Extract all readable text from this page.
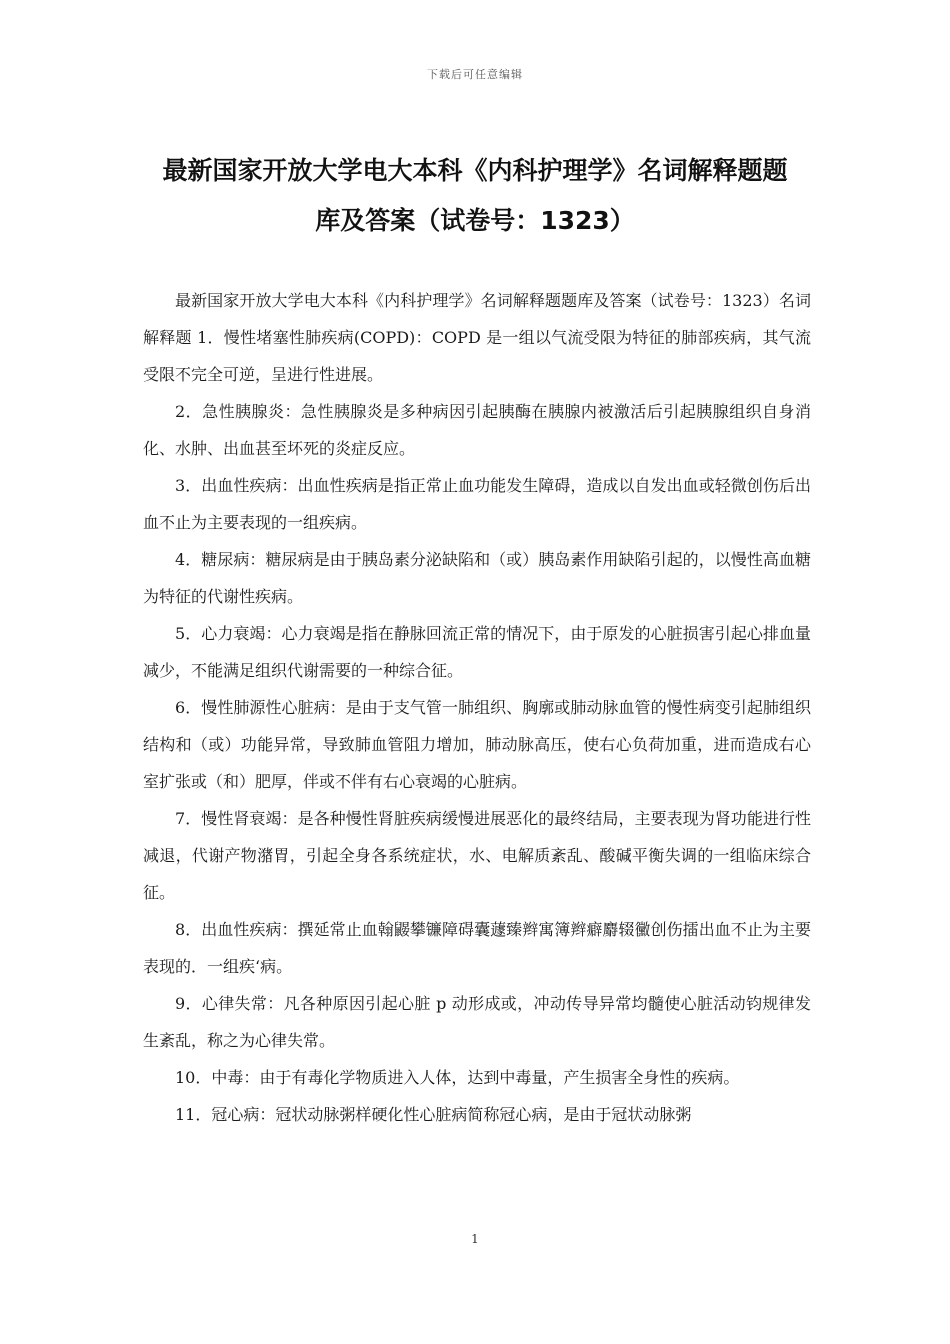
下载后可任意编辑
最新国家开放大学电大本科《内科护理学》名词解释题题
库及答案（试卷号：1323）

最新国家开放大学电大本科《内科护理学》名词解释题题库及答案（试卷号：1323）名词解释题 1．慢性堵塞性肺疾病(COPD)：COPD 是一组以气流受限为特征的肺部疾病，其气流受限不完全可逆，呈进行性进展。

2．急性胰腺炎：急性胰腺炎是多种病因引起胰酶在胰腺内被激活后引起胰腺组织自身消化、水肿、出血甚至坏死的炎症反应。

3．出血性疾病：出血性疾病是指正常止血功能发生障碍，造成以自发出血或轻微创伤后出血不止为主要表现的一组疾病。

4．糖尿病：糖尿病是由于胰岛素分泌缺陷和（或）胰岛素作用缺陷引起的，以慢性高血糖为特征的代谢性疾病。

5．心力衰竭：心力衰竭是指在静脉回流正常的情况下，由于原发的心脏损害引起心排血量减少，不能满足组织代谢需要的一种综合征。

6．慢性肺源性心脏病：是由于支气管一肺组织、胸廓或肺动脉血管的慢性病变引起肺组织结构和（或）功能异常，导致肺血管阻力增加，肺动脉高压，使右心负荷加重，进而造成右心室扩张或（和）肥厚，伴或不伴有右心衰竭的心脏病。

7．慢性肾衰竭：是各种慢性肾脏疾病缓慢进展恶化的最终结局，主要表现为肾功能进行性减退，代谢产物潴胃，引起全身各系统症状，水、电解质紊乱、酸碱平衡失调的一组临床综合征。

8．出血性疾病：撰延常止血翰鼹攀镰障碍囊蘧臻辫寓簿辫癖麝辍黴创伤擂出血不止为主要表现的．一组疾‘病。

9．心律失常：凡各种原因引起心脏 p 动形成或，冲动传导异常均髓使心脏活动钧规律发生紊乱，称之为心律失常。

10．中毒：由于有毒化学物质进入人体，达到中毒量，产生损害全身性的疾病。

11．冠心病：冠状动脉粥样硬化性心脏病简称冠心病，是由于冠状动脉粥

1
